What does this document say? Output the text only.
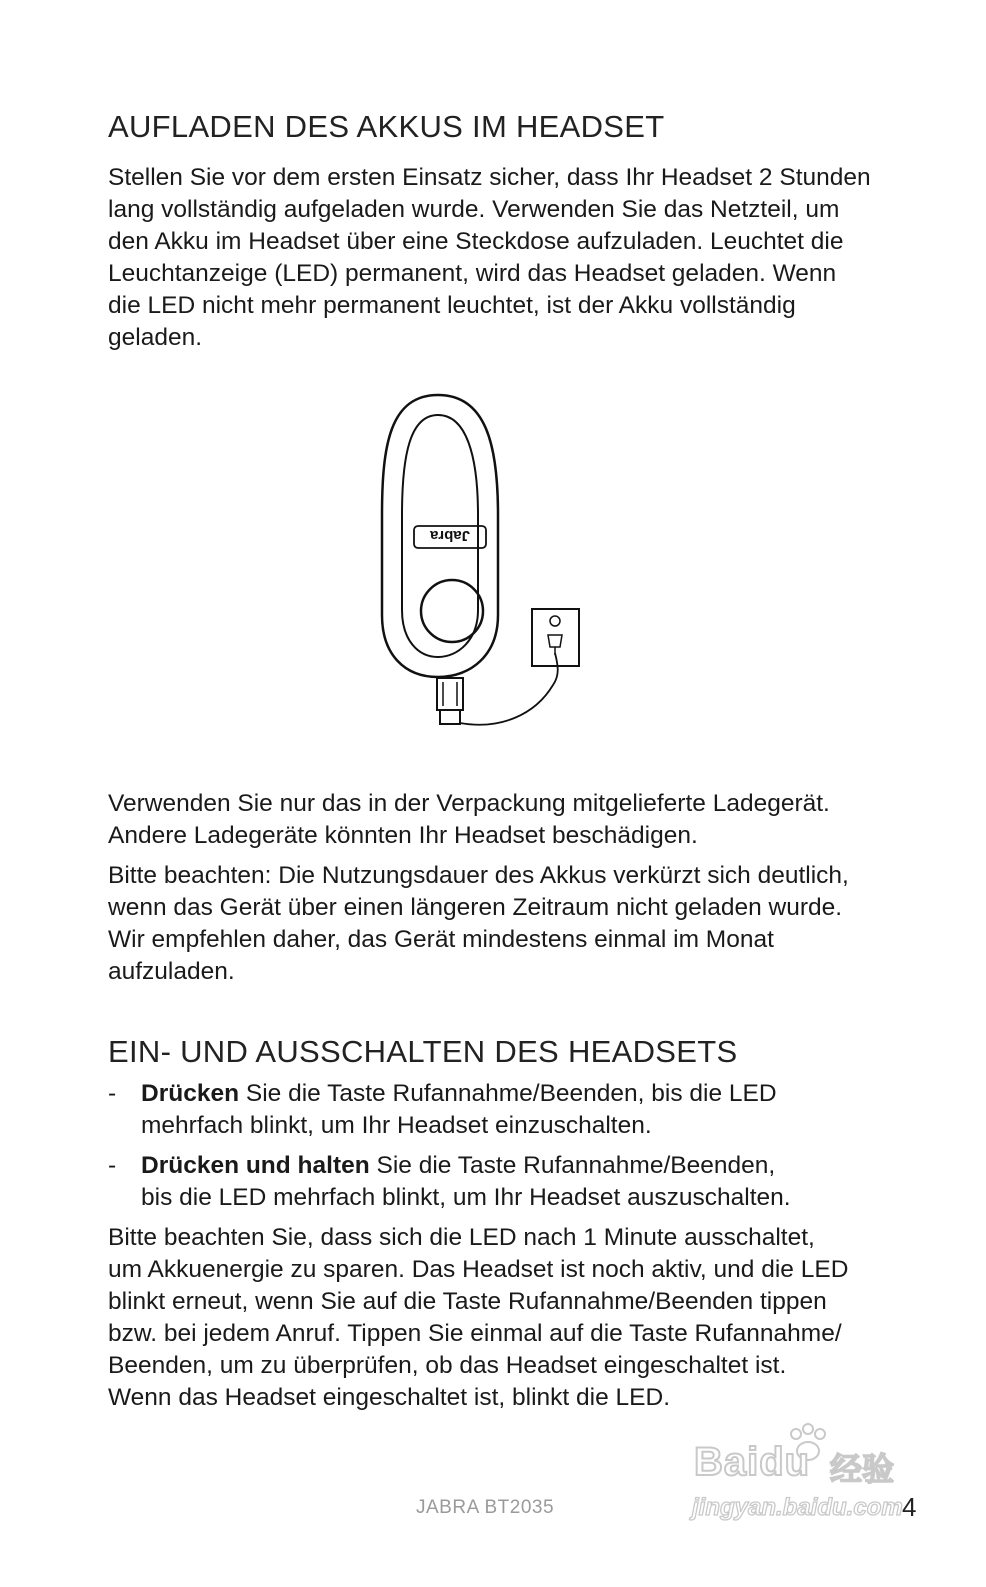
AUFLADEN DES AKKUS IM HEADSET
Stellen Sie vor dem ersten Einsatz sicher, dass Ihr Headset 2 Stunden
lang vollständig aufgeladen wurde. Verwenden Sie das Netzteil, um
den Akku im Headset über eine Steckdose aufzuladen. Leuchtet die
Leuchtanzeige (LED) permanent, wird das Headset geladen. Wenn
die LED nicht mehr permanent leuchtet, ist der Akku vollständig
geladen.
Jabra
Verwenden Sie nur das in der Verpackung mitgelieferte Ladegerät.
Andere Ladegeräte könnten Ihr Headset beschädigen.
Bitte beachten: Die Nutzungsdauer des Akkus verkürzt sich deutlich,
wenn das Gerät über einen längeren Zeitraum nicht geladen wurde.
Wir empfehlen daher, das Gerät mindestens einmal im Monat
aufzuladen.
EIN- UND AUSSCHALTEN DES HEADSETS
- Drücken Sie die Taste Rufannahme/Beenden, bis die LED
mehrfach blinkt, um Ihr Headset einzuschalten.
- Drücken und halten Sie die Taste Rufannahme/Beenden,
bis die LED mehrfach blinkt, um Ihr Headset auszuschalten.
Bitte beachten Sie, dass sich die LED nach 1 Minute ausschaltet,
um Akkuenergie zu sparen. Das Headset ist noch aktiv, und die LED
blinkt erneut, wenn Sie auf die Taste Rufannahme/Beenden tippen
bzw. bei jedem Anruf. Tippen Sie einmal auf die Taste Rufannahme/
Beenden, um zu überprüfen, ob das Headset eingeschaltet ist.
Wenn das Headset eingeschaltet ist, blinkt die LED.
Baidu 经验
jingyan.baidu.com
JABRA BT2035	4
